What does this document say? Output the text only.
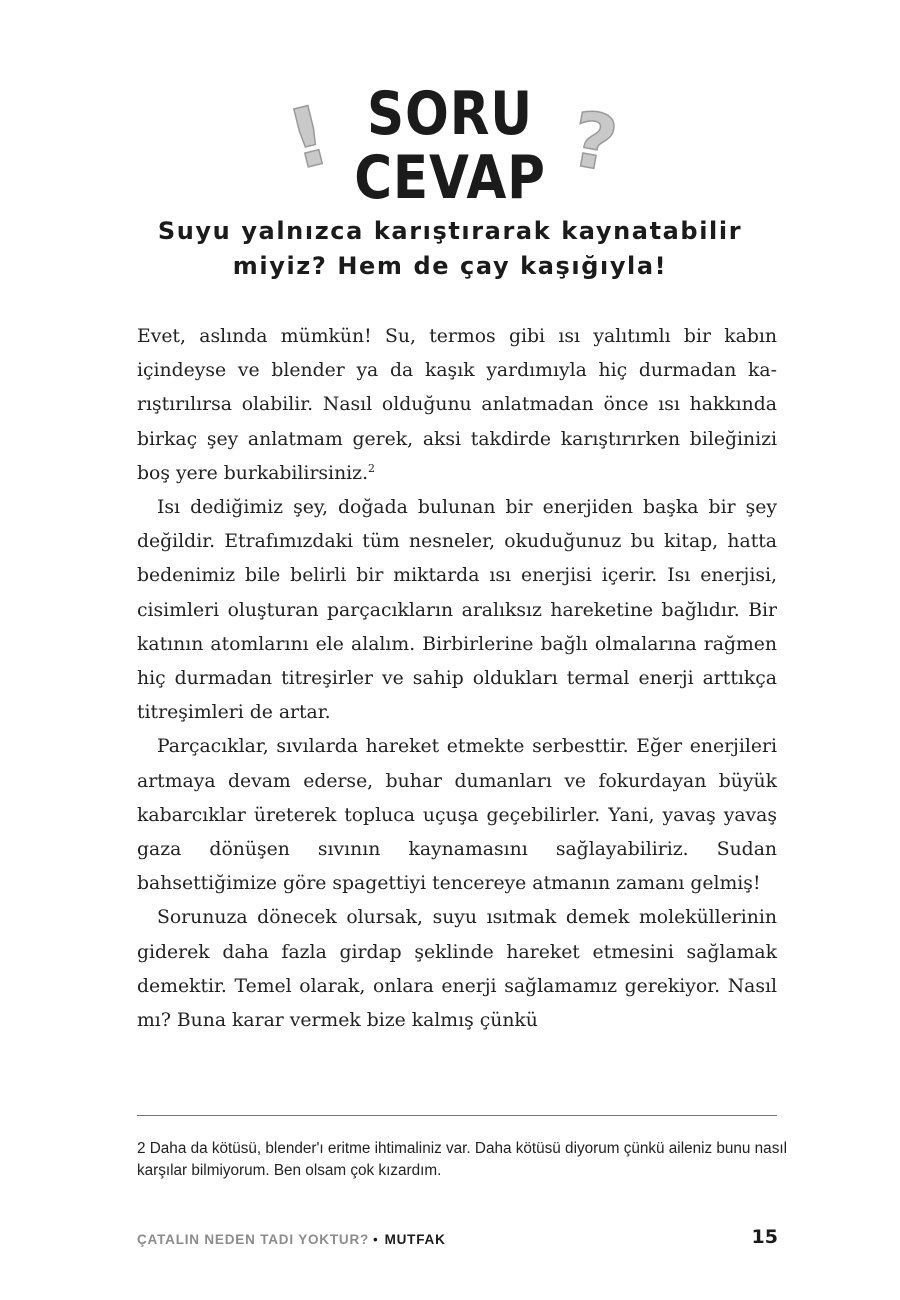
! SORU
CEVAP ?
Suyu yalnızca karıştırarak kaynatabilir
miyiz? Hem de çay kaşığıyla!

Evet, aslında mümkün! Su, termos gibi ısı yalıtımlı bir kabın içindeyse ve blender ya da kaşık yardımıyla hiç durmadan karıştırılırsa olabilir. Nasıl olduğunu anlatmadan önce ısı hakkında birkaç şey anlatmam gerek, aksi takdirde karıştırırken bileğinizi boş yere burkabilirsiniz.$^2$

Isı dediğimiz şey, doğada bulunan bir enerjiden başka bir şey değildir. Etrafımızdaki tüm nesneler, okuduğunuz bu kitap, hatta bedenimiz bile belirli bir miktarda ısı enerjisi içerir. Isı enerjisi, cisimleri oluşturan parçacıkların aralıksız hareketine bağlıdır. Bir katının atomlarını ele alalım. Birbirlerine bağlı olmalarına rağmen hiç durmadan titreşirler ve sahip oldukları termal enerji arttıkça titreşimleri de artar.

Parçacıklar, sıvılarda hareket etmekte serbesttir. Eğer enerjileri artmaya devam ederse, buhar dumanları ve fokurdayan büyük kabarcıklar üreterek topluca uçuşa geçebilirler. Yani, yavaş yavaş gaza dönüşen sıvının kaynamasını sağlayabiliriz. Sudan bahsettiğimize göre spagettiyi tencereye atmanın zamanı gelmiş!

Sorunuza dönecek olursak, suyu ısıtmak demek moleküllerinin giderek daha fazla girdap şeklinde hareket etmesini sağlamak demektir. Temel olarak, onlara enerji sağlamamız gerekiyor. Nasıl mı? Buna karar vermek bize kalmış çünkü

2 Daha da kötüsü, blender'ı eritme ihtimaliniz var. Daha kötüsü diyorum çünkü aileniz bunu nasıl karşılar bilmiyorum. Ben olsam çok kızardım.
ÇATALIN NEDEN TADI YOKTUR? • MUTFAK	15
